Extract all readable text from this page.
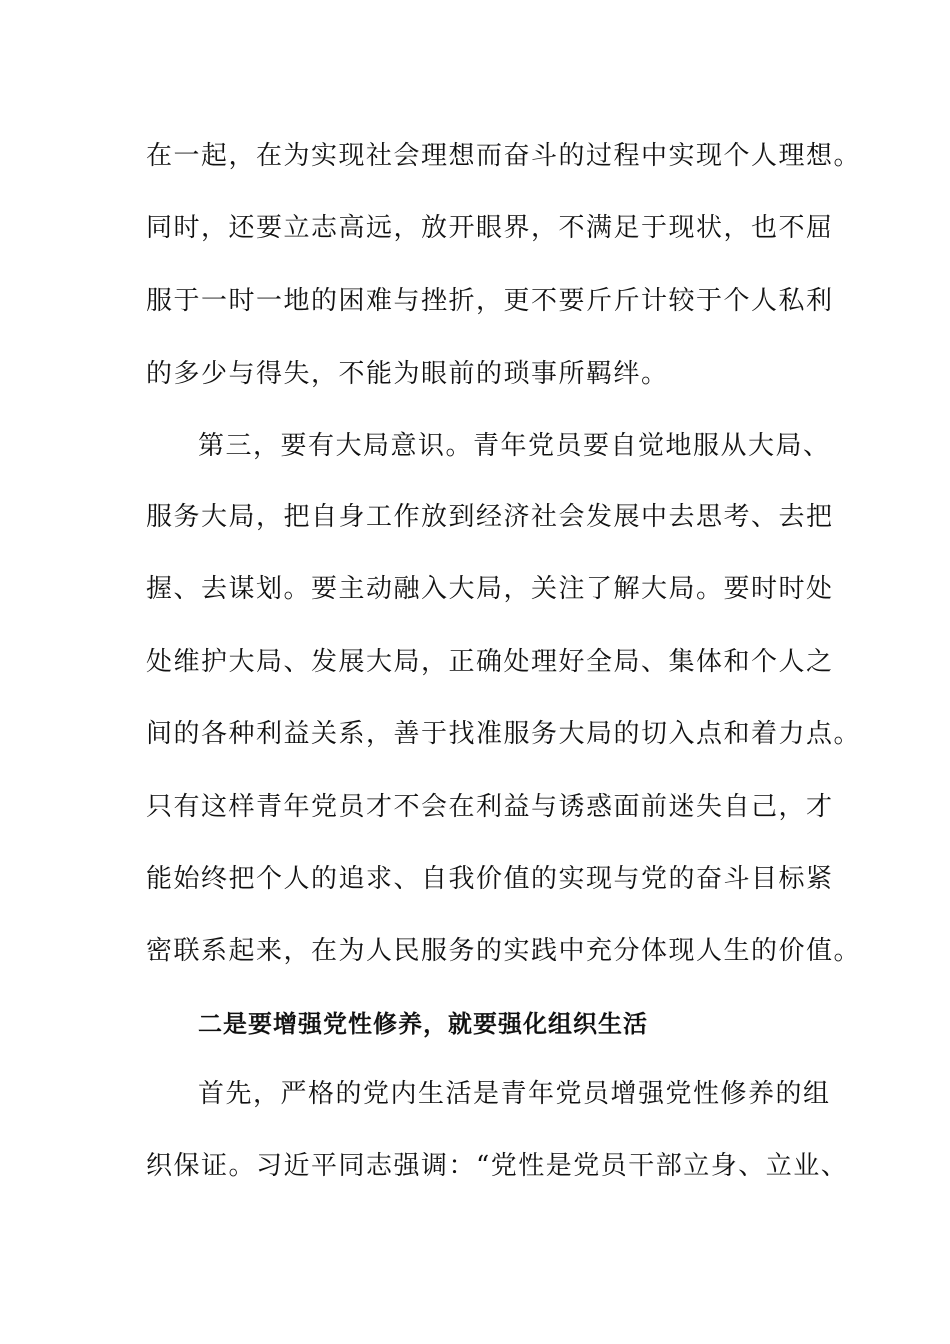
在一起，在为实现社会理想而奋斗的过程中实现个人理想。
同时，还要立志高远，放开眼界，不满足于现状，也不屈
服于一时一地的困难与挫折，更不要斤斤计较于个人私利
的多少与得失，不能为眼前的琐事所羁绊。
第三，要有大局意识。青年党员要自觉地服从大局、
服务大局，把自身工作放到经济社会发展中去思考、去把
握、去谋划。要主动融入大局，关注了解大局。要时时处
处维护大局、发展大局，正确处理好全局、集体和个人之
间的各种利益关系，善于找准服务大局的切入点和着力点。
只有这样青年党员才不会在利益与诱惑面前迷失自己，才
能始终把个人的追求、自我价值的实现与党的奋斗目标紧
密联系起来，在为人民服务的实践中充分体现人生的价值。
二是要增强党性修养，就要强化组织生活
首先，严格的党内生活是青年党员增强党性修养的组
织保证。习近平同志强调：“党性是党员干部立身、立业、
